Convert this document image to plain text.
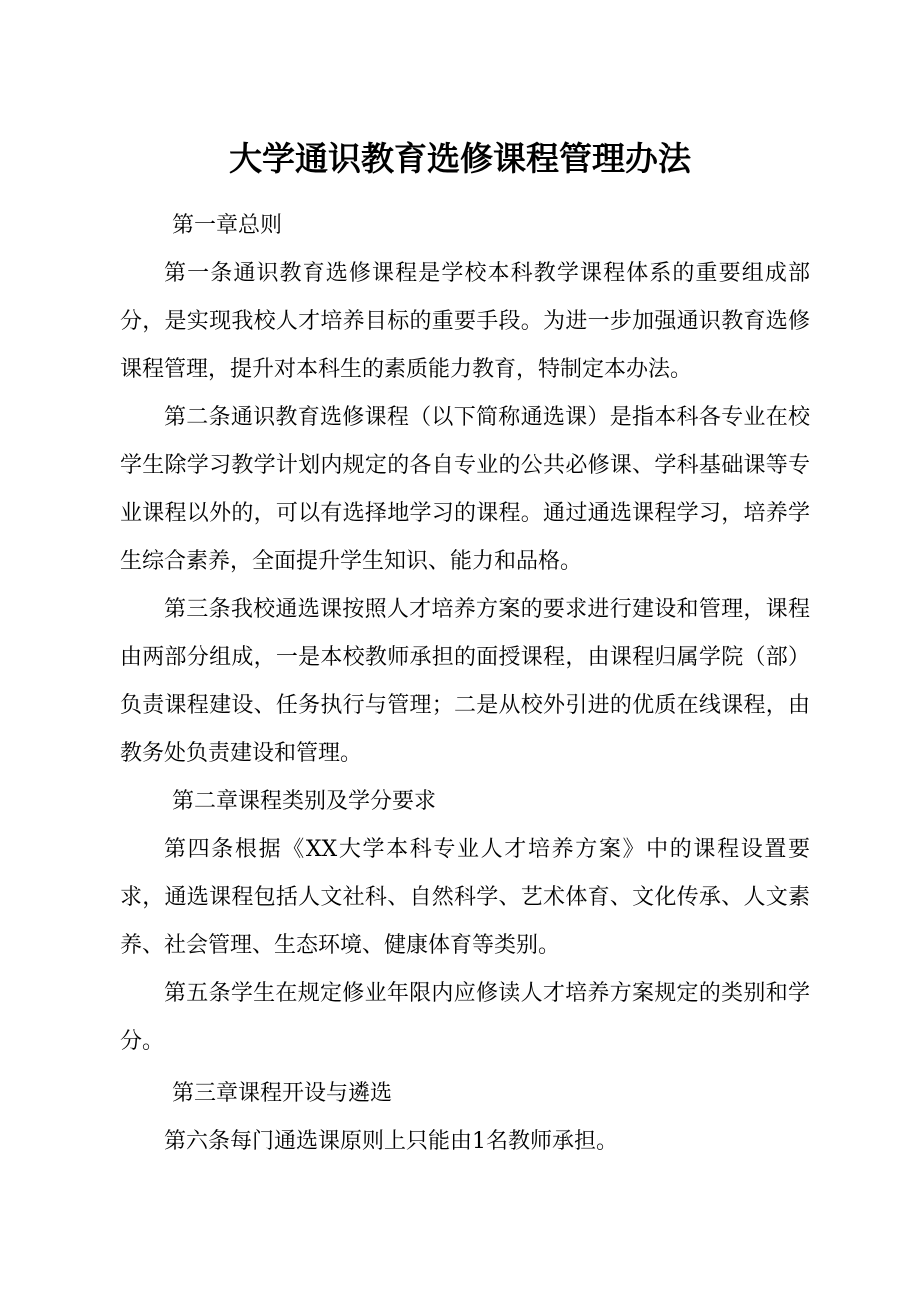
大学通识教育选修课程管理办法

第一章总则

第一条通识教育选修课程是学校本科教学课程体系的重要组成部分，是实现我校人才培养目标的重要手段。为进一步加强通识教育选修课程管理，提升对本科生的素质能力教育，特制定本办法。

第二条通识教育选修课程（以下简称通选课）是指本科各专业在校学生除学习教学计划内规定的各自专业的公共必修课、学科基础课等专业课程以外的，可以有选择地学习的课程。通过通选课程学习，培养学生综合素养，全面提升学生知识、能力和品格。

第三条我校通选课按照人才培养方案的要求进行建设和管理，课程由两部分组成，一是本校教师承担的面授课程，由课程归属学院（部）负责课程建设、任务执行与管理；二是从校外引进的优质在线课程，由教务处负责建设和管理。

第二章课程类别及学分要求

第四条根据《XX大学本科专业人才培养方案》中的课程设置要求，通选课程包括人文社科、自然科学、艺术体育、文化传承、人文素养、社会管理、生态环境、健康体育等类别。

第五条学生在规定修业年限内应修读人才培养方案规定的类别和学分。

第三章课程开设与遴选

第六条每门通选课原则上只能由1名教师承担。
